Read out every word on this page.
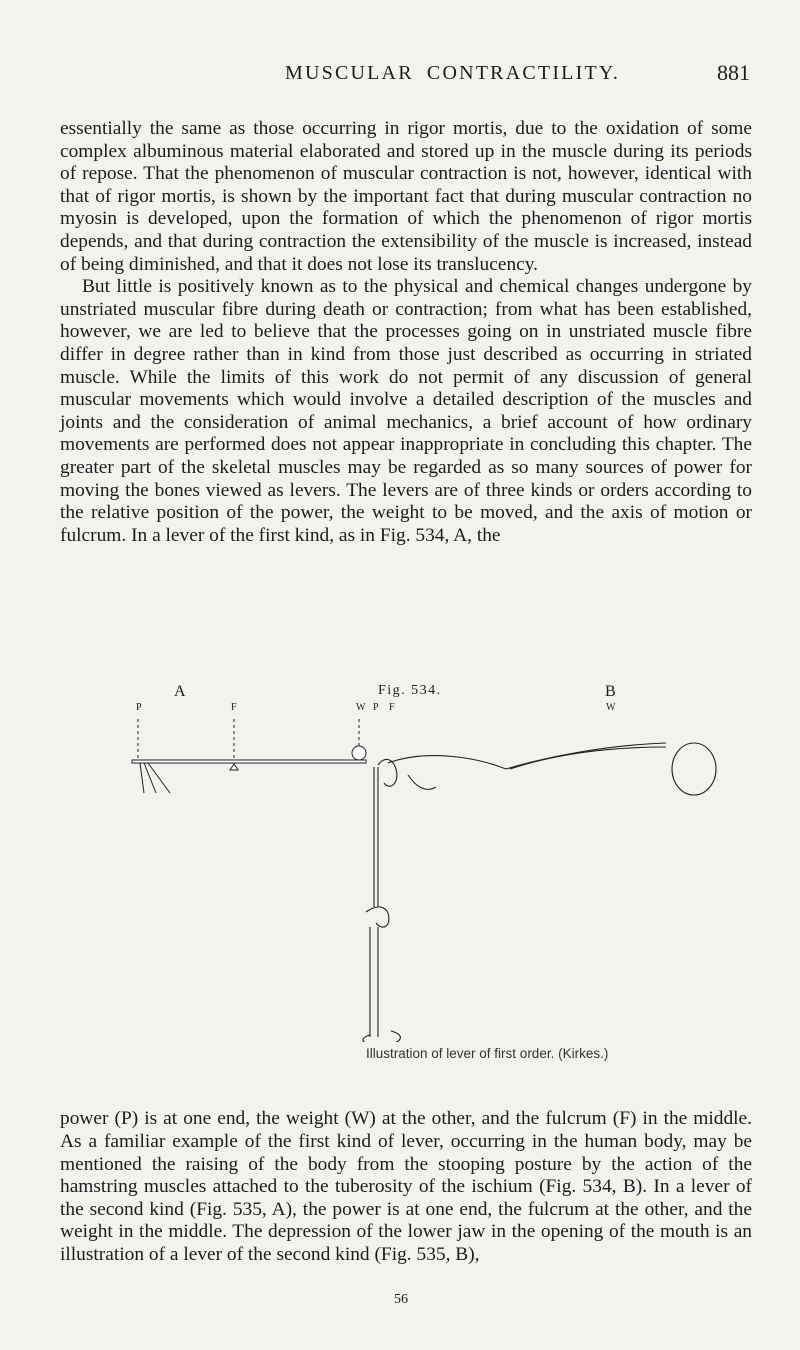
MUSCULAR CONTRACTILITY.	881

essentially the same as those occurring in rigor mortis, due to the oxidation of some complex albuminous material elaborated and stored up in the muscle during its periods of repose. That the phenomenon of muscular contraction is not, however, identical with that of rigor mortis, is shown by the important fact that during muscular contraction no myosin is developed, upon the formation of which the phenomenon of rigor mortis depends, and that during contraction the extensibility of the muscle is increased, instead of being diminished, and that it does not lose its translucency.

But little is positively known as to the physical and chemical changes undergone by unstriated muscular fibre during death or contraction; from what has been established, however, we are led to believe that the processes going on in unstriated muscle fibre differ in degree rather than in kind from those just described as occurring in striated muscle. While the limits of this work do not permit of any discussion of general muscular movements which would involve a detailed description of the muscles and joints and the consideration of animal mechanics, a brief account of how ordinary movements are performed does not appear inappropriate in concluding this chapter. The greater part of the skeletal muscles may be regarded as so many sources of power for moving the bones viewed as levers. The levers are of three kinds or orders according to the relative position of the power, the weight to be moved, and the axis of motion or fulcrum. In a lever of the first kind, as in Fig. 534, A, the

A	Fig. 534.	B
P	F	W P F	W
Illustration of lever of first order. (Kirkes.)

power (P) is at one end, the weight (W) at the other, and the fulcrum (F) in the middle. As a familiar example of the first kind of lever, occurring in the human body, may be mentioned the raising of the body from the stooping posture by the action of the hamstring muscles attached to the tuberosity of the ischium (Fig. 534, B). In a lever of the second kind (Fig. 535, A), the power is at one end, the fulcrum at the other, and the weight in the middle. The depression of the lower jaw in the opening of the mouth is an illustration of a lever of the second kind (Fig. 535, B),

56
